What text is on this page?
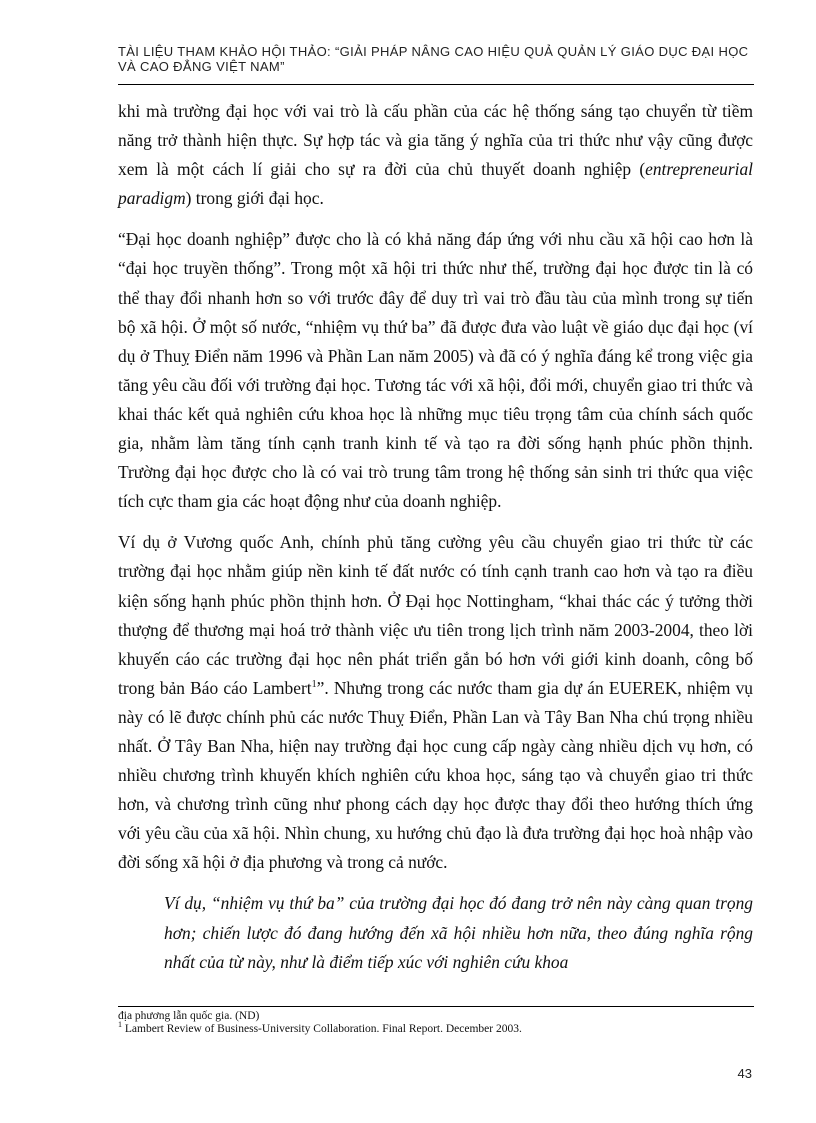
TÀI LIỆU THAM KHẢO HỘI THẢO: “GIẢI PHÁP NÂNG CAO HIỆU QUẢ QUẢN LÝ GIÁO DỤC ĐẠI HỌC VÀ CAO ĐẲNG VIỆT NAM”

khi mà trường đại học với vai trò là cấu phần của các hệ thống sáng tạo chuyển từ tiềm năng trở thành hiện thực. Sự hợp tác và gia tăng ý nghĩa của tri thức như vậy cũng được xem là một cách lí giải cho sự ra đời của chủ thuyết doanh nghiệp (entrepreneurial paradigm) trong giới đại học.

“Đại học doanh nghiệp” được cho là có khả năng đáp ứng với nhu cầu xã hội cao hơn là “đại học truyền thống”. Trong một xã hội tri thức như thế, trường đại học được tin là có thể thay đổi nhanh hơn so với trước đây để duy trì vai trò đầu tàu của mình trong sự tiến bộ xã hội. Ở một số nước, “nhiệm vụ thứ ba” đã được đưa vào luật về giáo dục đại học (ví dụ ở Thuỵ Điển năm 1996 và Phần Lan năm 2005) và đã có ý nghĩa đáng kể trong việc gia tăng yêu cầu đối với trường đại học. Tương tác với xã hội, đổi mới, chuyển giao tri thức và khai thác kết quả nghiên cứu khoa học là những mục tiêu trọng tâm của chính sách quốc gia, nhằm làm tăng tính cạnh tranh kinh tế và tạo ra đời sống hạnh phúc phồn thịnh. Trường đại học được cho là có vai trò trung tâm trong hệ thống sản sinh tri thức qua việc tích cực tham gia các hoạt động như của doanh nghiệp.

Ví dụ ở Vương quốc Anh, chính phủ tăng cường yêu cầu chuyển giao tri thức từ các trường đại học nhằm giúp nền kinh tế đất nước có tính cạnh tranh cao hơn và tạo ra điều kiện sống hạnh phúc phồn thịnh hơn. Ở Đại học Nottingham, “khai thác các ý tưởng thời thượng để thương mại hoá trở thành việc ưu tiên trong lịch trình năm 2003-2004, theo lời khuyến cáo các trường đại học nên phát triển gắn bó hơn với giới kinh doanh, công bố trong bản Báo cáo Lambert$^1$”. Nhưng trong các nước tham gia dự án EUEREK, nhiệm vụ này có lẽ được chính phủ các nước Thuỵ Điển, Phần Lan và Tây Ban Nha chú trọng nhiều nhất. Ở Tây Ban Nha, hiện nay trường đại học cung cấp ngày càng nhiều dịch vụ hơn, có nhiều chương trình khuyến khích nghiên cứu khoa học, sáng tạo và chuyển giao tri thức hơn, và chương trình cũng như phong cách dạy học được thay đổi theo hướng thích ứng với yêu cầu của xã hội. Nhìn chung, xu hướng chủ đạo là đưa trường đại học hoà nhập vào đời sống xã hội ở địa phương và trong cả nước.

Ví dụ, “nhiệm vụ thứ ba” của trường đại học đó đang trở nên này càng quan trọng hơn; chiến lược đó đang hướng đến xã hội nhiều hơn nữa, theo đúng nghĩa rộng nhất của từ này, như là điểm tiếp xúc với nghiên cứu khoa

địa phương lẫn quốc gia. (ND)
$^1$ Lambert Review of Business-University Collaboration. Final Report. December 2003.
43
